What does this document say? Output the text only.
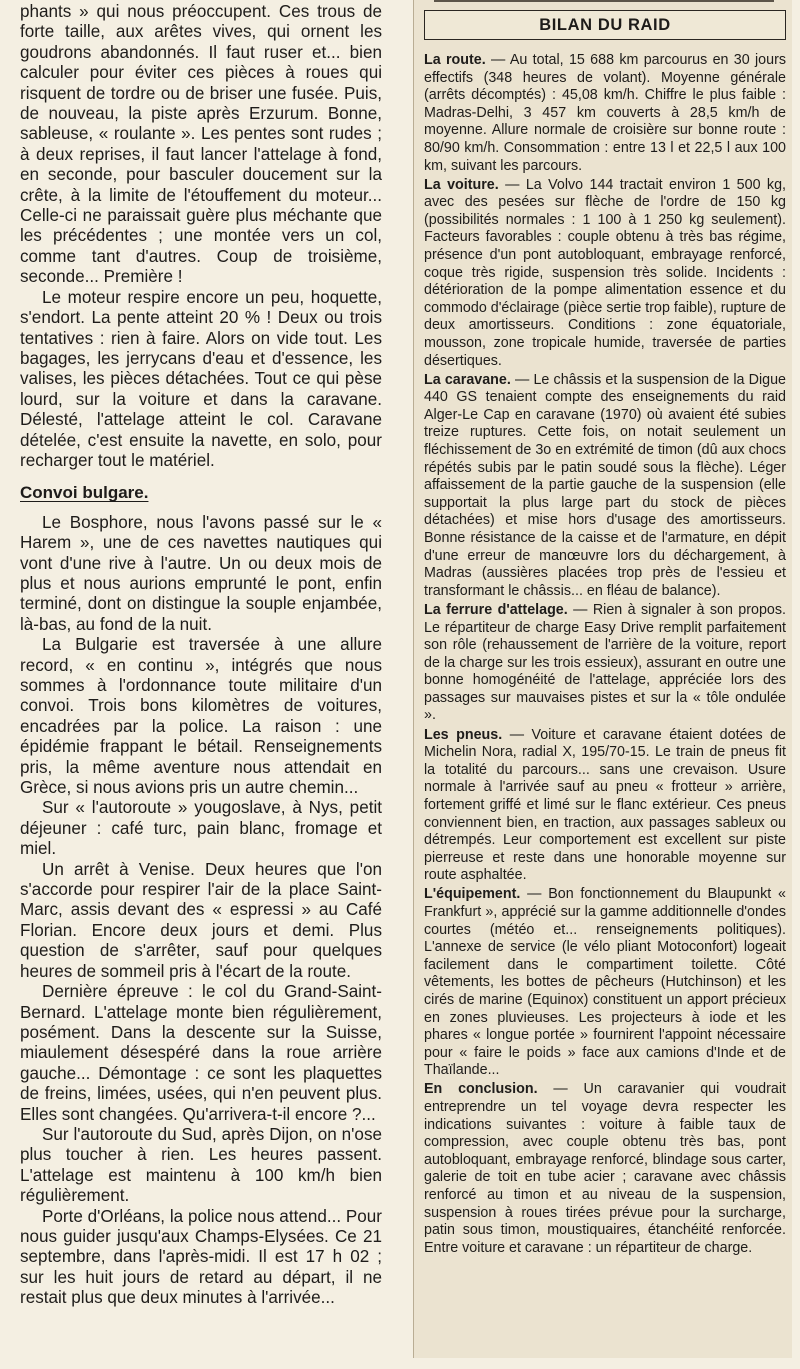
phants » qui nous préoccupent. Ces trous de forte taille, aux arêtes vives, qui ornent les goudrons abandonnés. Il faut ruser et... bien calculer pour éviter ces pièces à roues qui risquent de tordre ou de briser une fusée. Puis, de nouveau, la piste après Erzurum. Bonne, sableuse, « roulante ». Les pentes sont rudes ; à deux reprises, il faut lancer l'attelage à fond, en seconde, pour basculer doucement sur la crête, à la limite de l'étouffement du moteur... Celle-ci ne paraissait guère plus méchante que les précédentes ; une montée vers un col, comme tant d'autres. Coup de troisième, seconde... Première !

Le moteur respire encore un peu, hoquette, s'endort. La pente atteint 20 % ! Deux ou trois tentatives : rien à faire. Alors on vide tout. Les bagages, les jerrycans d'eau et d'essence, les valises, les pièces détachées. Tout ce qui pèse lourd, sur la voiture et dans la caravane. Délesté, l'attelage atteint le col. Caravane dételée, c'est ensuite la navette, en solo, pour recharger tout le matériel.

Convoi bulgare.

Le Bosphore, nous l'avons passé sur le « Harem », une de ces navettes nautiques qui vont d'une rive à l'autre. Un ou deux mois de plus et nous aurions emprunté le pont, enfin terminé, dont on distingue la souple enjambée, là-bas, au fond de la nuit.

La Bulgarie est traversée à une allure record, « en continu », intégrés que nous sommes à l'ordonnance toute militaire d'un convoi. Trois bons kilomètres de voitures, encadrées par la police. La raison : une épidémie frappant le bétail. Renseignements pris, la même aventure nous attendait en Grèce, si nous avions pris un autre chemin...

Sur « l'autoroute » yougoslave, à Nys, petit déjeuner : café turc, pain blanc, fromage et miel.

Un arrêt à Venise. Deux heures que l'on s'accorde pour respirer l'air de la place Saint-Marc, assis devant des « espressi » au Café Florian. Encore deux jours et demi. Plus question de s'arrêter, sauf pour quelques heures de sommeil pris à l'écart de la route.

Dernière épreuve : le col du Grand-Saint-Bernard. L'attelage monte bien régulièrement, posément. Dans la descente sur la Suisse, miaulement désespéré dans la roue arrière gauche... Démontage : ce sont les plaquettes de freins, limées, usées, qui n'en peuvent plus. Elles sont changées. Qu'arrivera-t-il encore ?...

Sur l'autoroute du Sud, après Dijon, on n'ose plus toucher à rien. Les heures passent. L'attelage est maintenu à 100 km/h bien régulièrement.

Porte d'Orléans, la police nous attend... Pour nous guider jusqu'aux Champs-Elysées. Ce 21 septembre, dans l'après-midi. Il est 17 h 02 ; sur les huit jours de retard au départ, il ne restait plus que deux minutes à l'arrivée...

BILAN DU RAID

La route. — Au total, 15 688 km parcourus en 30 jours effectifs (348 heures de volant). Moyenne générale (arrêts décomptés) : 45,08 km/h. Chiffre le plus faible : Madras-Delhi, 3 457 km couverts à 28,5 km/h de moyenne. Allure normale de croisière sur bonne route : 80/90 km/h. Consommation : entre 13 l et 22,5 l aux 100 km, suivant les parcours.

La voiture. — La Volvo 144 tractait environ 1 500 kg, avec des pesées sur flèche de l'ordre de 150 kg (possibilités normales : 1 100 à 1 250 kg seulement). Facteurs favorables : couple obtenu à très bas régime, présence d'un pont autobloquant, embrayage renforcé, coque très rigide, suspension très solide. Incidents : détérioration de la pompe alimentation essence et du commodo d'éclairage (pièce sertie trop faible), rupture de deux amortisseurs. Conditions : zone équatoriale, mousson, zone tropicale humide, traversée de parties désertiques.

La caravane. — Le châssis et la suspension de la Digue 440 GS tenaient compte des enseignements du raid Alger-Le Cap en caravane (1970) où avaient été subies treize ruptures. Cette fois, on notait seulement un fléchissement de 3o en extrémité de timon (dû aux chocs répétés subis par le patin soudé sous la flèche). Léger affaissement de la partie gauche de la suspension (elle supportait la plus large part du stock de pièces détachées) et mise hors d'usage des amortisseurs. Bonne résistance de la caisse et de l'armature, en dépit d'une erreur de manœuvre lors du déchargement, à Madras (aussières placées trop près de l'essieu et transformant le châssis... en fléau de balance).

La ferrure d'attelage. — Rien à signaler à son propos. Le répartiteur de charge Easy Drive remplit parfaitement son rôle (rehaussement de l'arrière de la voiture, report de la charge sur les trois essieux), assurant en outre une bonne homogénéité de l'attelage, appréciée lors des passages sur mauvaises pistes et sur la « tôle ondulée ».

Les pneus. — Voiture et caravane étaient dotées de Michelin Nora, radial X, 195/70-15. Le train de pneus fit la totalité du parcours... sans une crevaison. Usure normale à l'arrivée sauf au pneu « frotteur » arrière, fortement griffé et limé sur le flanc extérieur. Ces pneus conviennent bien, en traction, aux passages sableux ou détrempés. Leur comportement est excellent sur piste pierreuse et reste dans une honorable moyenne sur route asphaltée.

L'équipement. — Bon fonctionnement du Blaupunkt « Frankfurt », apprécié sur la gamme additionnelle d'ondes courtes (météo et... renseignements politiques). L'annexe de service (le vélo pliant Motoconfort) logeait facilement dans le compartiment toilette. Côté vêtements, les bottes de pêcheurs (Hutchinson) et les cirés de marine (Equinox) constituent un apport précieux en zones pluvieuses. Les projecteurs à iode et les phares « longue portée » fournirent l'appoint nécessaire pour « faire le poids » face aux camions d'Inde et de Thaïlande...

En conclusion. — Un caravanier qui voudrait entreprendre un tel voyage devra respecter les indications suivantes : voiture à faible taux de compression, avec couple obtenu très bas, pont autobloquant, embrayage renforcé, blindage sous carter, galerie de toit en tube acier ; caravane avec châssis renforcé au timon et au niveau de la suspension, suspension à roues tirées prévue pour la surcharge, patin sous timon, moustiquaires, étanchéité renforcée. Entre voiture et caravane : un répartiteur de charge.
